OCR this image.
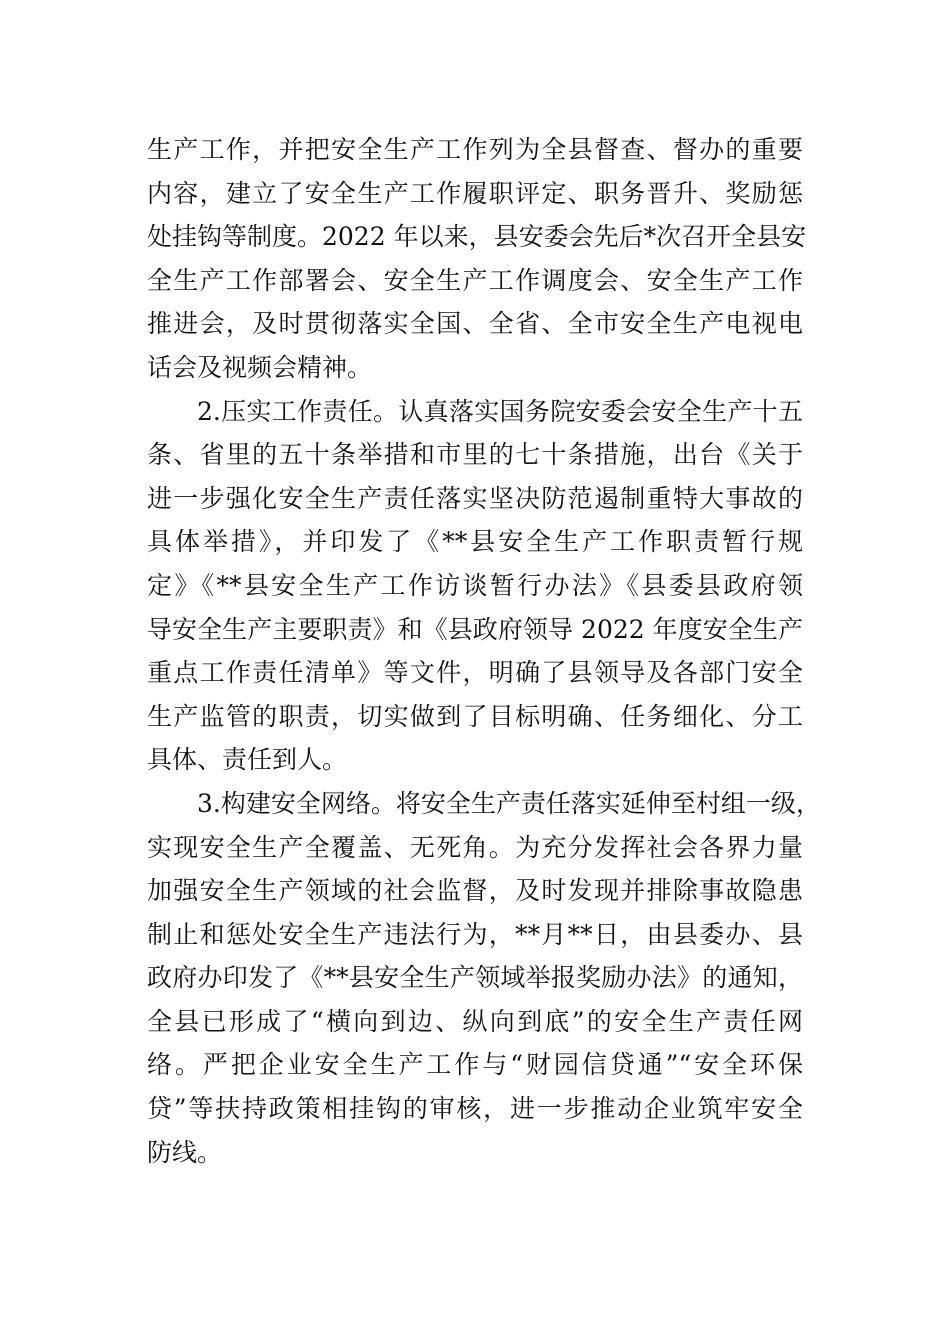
生产工作，并把安全生产工作列为全县督查、督办的重要
内容，建立了安全生产工作履职评定、职务晋升、奖励惩
处挂钩等制度。2022 年以来，县安委会先后*次召开全县安
全生产工作部署会、安全生产工作调度会、安全生产工作
推进会，及时贯彻落实全国、全省、全市安全生产电视电
话会及视频会精神。
2.压实工作责任。认真落实国务院安委会安全生产十五
条、省里的五十条举措和市里的七十条措施，出台《关于
进一步强化安全生产责任落实坚决防范遏制重特大事故的
具体举措》，并印发了《**县安全生产工作职责暂行规
定》《**县安全生产工作访谈暂行办法》《县委县政府领
导安全生产主要职责》和《县政府领导 2022 年度安全生产
重点工作责任清单》等文件，明确了县领导及各部门安全
生产监管的职责，切实做到了目标明确、任务细化、分工
具体、责任到人。
3.构建安全网络。将安全生产责任落实延伸至村组一级，
实现安全生产全覆盖、无死角。为充分发挥社会各界力量
加强安全生产领域的社会监督，及时发现并排除事故隐患
制止和惩处安全生产违法行为，**月**日，由县委办、县
政府办印发了《**县安全生产领域举报奖励办法》的通知，
全县已形成了“横向到边、纵向到底”的安全生产责任网
络。严把企业安全生产工作与“财园信贷通”“安全环保
贷”等扶持政策相挂钩的审核，进一步推动企业筑牢安全
防线。
